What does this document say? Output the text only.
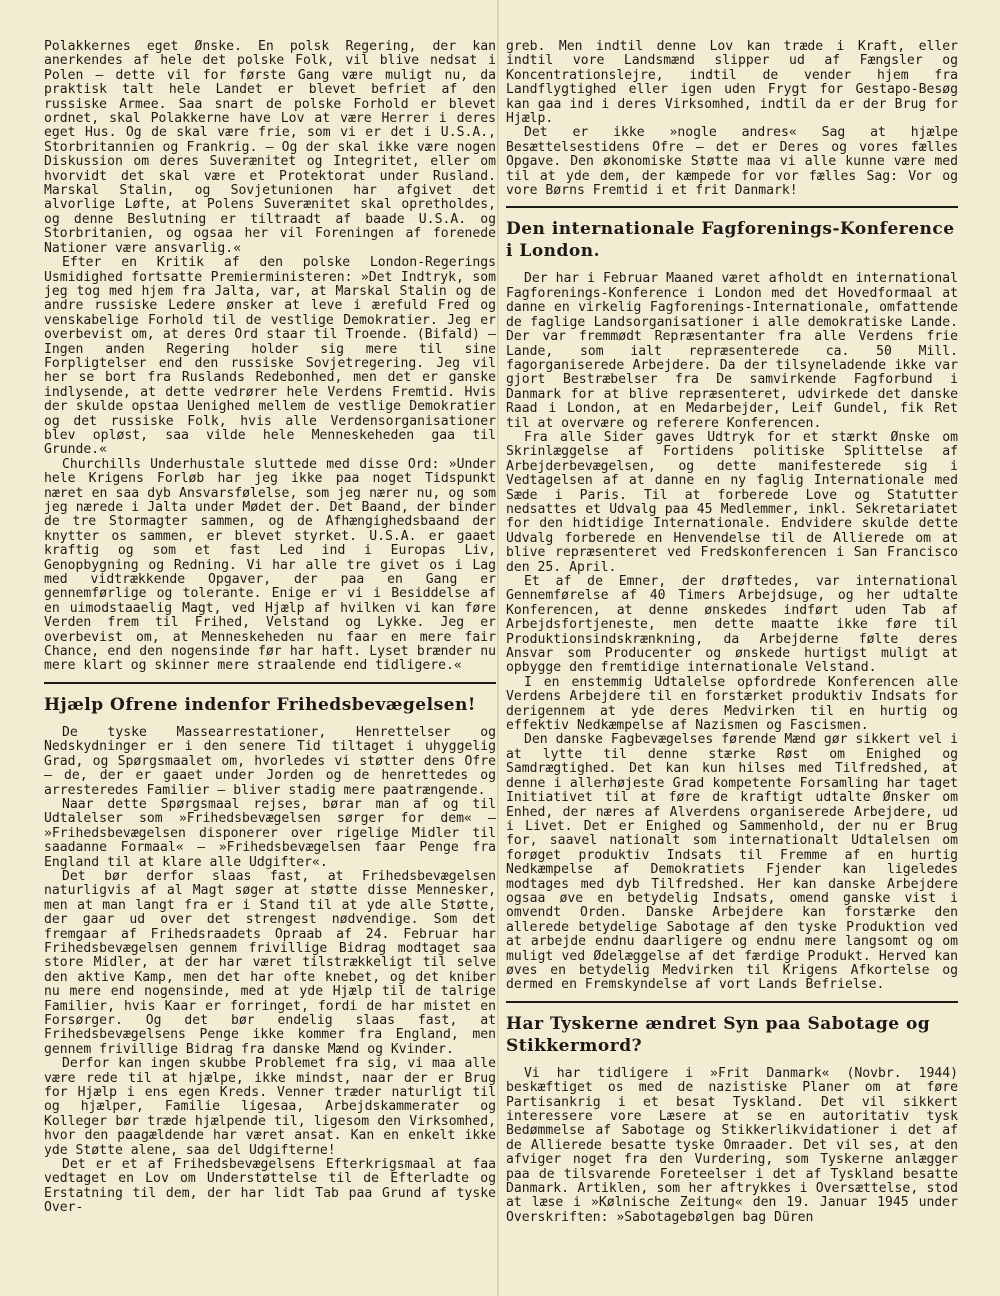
Polakkernes eget Ønske. En polsk Regering, der kan anerkendes af hele det polske Folk, vil blive nedsat i Polen — dette vil for første Gang være muligt nu, da praktisk talt hele Landet er blevet befriet af den russiske Armee. Saa snart de polske Forhold er blevet ordnet, skal Polakkerne have Lov at være Herrer i deres eget Hus. Og de skal være frie, som vi er det i U.S.A., Storbritannien og Frankrig. — Og der skal ikke være nogen Diskussion om deres Suverænitet og Integritet, eller om hvorvidt det skal være et Protektorat under Rusland. Marskal Stalin, og Sovjetunionen har afgivet det alvorlige Løfte, at Polens Suverænitet skal opretholdes, og denne Beslutning er tiltraadt af baade U.S.A. og Storbritanien, og ogsaa her vil Foreningen af forenede Nationer være ansvarlig.«

Efter en Kritik af den polske London-Regerings Usmidighed fortsatte Premierministeren: »Det Indtryk, som jeg tog med hjem fra Jalta, var, at Marskal Stalin og de andre russiske Ledere ønsker at leve i ærefuld Fred og venskabelige Forhold til de vestlige Demokratier. Jeg er overbevist om, at deres Ord staar til Troende. (Bifald) — Ingen anden Regering holder sig mere til sine Forpligtelser end den russiske Sovjetregering. Jeg vil her se bort fra Ruslands Redebonhed, men det er ganske indlysende, at dette vedrører hele Verdens Fremtid. Hvis der skulde opstaa Uenighed mellem de vestlige Demokratier og det russiske Folk, hvis alle Verdensorganisationer blev opløst, saa vilde hele Menneskeheden gaa til Grunde.«

Churchills Underhustale sluttede med disse Ord: »Under hele Krigens Forløb har jeg ikke paa noget Tidspunkt næret en saa dyb Ansvarsfølelse, som jeg nærer nu, og som jeg nærede i Jalta under Mødet der. Det Baand, der binder de tre Stormagter sammen, og de Afhængighedsbaand der knytter os sammen, er blevet styrket. U.S.A. er gaaet kraftig og som et fast Led ind i Europas Liv, Genopbygning og Redning. Vi har alle tre givet os i Lag med vidtrækkende Opgaver, der paa en Gang er gennemførlige og tolerante. Enige er vi i Besiddelse af en uimodstaaelig Magt, ved Hjælp af hvilken vi kan føre Verden frem til Frihed, Velstand og Lykke. Jeg er overbevist om, at Menneskeheden nu faar en mere fair Chance, end den nogensinde før har haft. Lyset brænder nu mere klart og skinner mere straalende end tidligere.«

Hjælp Ofrene indenfor Frihedsbevægelsen!

De tyske Massearrestationer, Henrettelser og Nedskydninger er i den senere Tid tiltaget i uhyggelig Grad, og Spørgsmaalet om, hvorledes vi støtter dens Ofre — de, der er gaaet under Jorden og de henrettedes og arresteredes Familier — bliver stadig mere paatrængende.

Naar dette Spørgsmaal rejses, børar man af og til Udtalelser som »Frihedsbevægelsen sørger for dem« — »Frihedsbevægelsen disponerer over rigelige Midler til saadanne Formaal« — »Frihedsbevægelsen faar Penge fra England til at klare alle Udgifter«.

Det bør derfor slaas fast, at Frihedsbevægelsen naturligvis af al Magt søger at støtte disse Mennesker, men at man langt fra er i Stand til at yde alle Støtte, der gaar ud over det strengest nødvendige. Som det fremgaar af Frihedsraadets Opraab af 24. Februar har Frihedsbevægelsen gennem frivillige Bidrag modtaget saa store Midler, at der har været tilstrækkeligt til selve den aktive Kamp, men det har ofte knebet, og det kniber nu mere end nogensinde, med at yde Hjælp til de talrige Familier, hvis Kaar er forringet, fordi de har mistet en Forsørger. Og det bør endelig slaas fast, at Frihedsbevægelsens Penge ikke kommer fra England, men gennem frivillige Bidrag fra danske Mænd og Kvinder.

Derfor kan ingen skubbe Problemet fra sig, vi maa alle være rede til at hjælpe, ikke mindst, naar der er Brug for Hjælp i ens egen Kreds. Venner træder naturligt til og hjælper, Familie ligesaa, Arbejdskammerater og Kolleger bør træde hjælpende til, ligesom den Virksomhed, hvor den paagældende har været ansat. Kan en enkelt ikke yde Støtte alene, saa del Udgifterne!

Det er et af Frihedsbevægelsens Efterkrigsmaal at faa vedtaget en Lov om Understøttelse til de Efterladte og Erstatning til dem, der har lidt Tab paa Grund af tyske Over-

greb. Men indtil denne Lov kan træde i Kraft, eller indtil vore Landsmænd slipper ud af Fængsler og Koncentrationslejre, indtil de vender hjem fra Landflygtighed eller igen uden Frygt for Gestapo-Besøg kan gaa ind i deres Virksomhed, indtil da er der Brug for Hjælp.

Det er ikke »nogle andres« Sag at hjælpe Besættelsestidens Ofre — det er Deres og vores fælles Opgave. Den økonomiske Støtte maa vi alle kunne være med til at yde dem, der kæmpede for vor fælles Sag: Vor og vore Børns Fremtid i et frit Danmark!

Den internationale Fagforenings-Konference i London.

Der har i Februar Maaned været afholdt en international Fagforenings-Konference i London med det Hovedformaal at danne en virkelig Fagforenings-Internationale, omfattende de faglige Landsorganisationer i alle demokratiske Lande. Der var fremmødt Repræsentanter fra alle Verdens frie Lande, som ialt repræsenterede ca. 50 Mill. fagorganiserede Arbejdere. Da der tilsyneladende ikke var gjort Bestræbelser fra De samvirkende Fagforbund i Danmark for at blive repræsenteret, udvirkede det danske Raad i London, at en Medarbejder, Leif Gundel, fik Ret til at overvære og referere Konferencen.

Fra alle Sider gaves Udtryk for et stærkt Ønske om Skrinlæggelse af Fortidens politiske Splittelse af Arbejderbevægelsen, og dette manifesterede sig i Vedtagelsen af at danne en ny faglig Internationale med Sæde i Paris. Til at forberede Love og Statutter nedsattes et Udvalg paa 45 Medlemmer, inkl. Sekretariatet for den hidtidige Internationale. Endvidere skulde dette Udvalg forberede en Henvendelse til de Allierede om at blive repræsenteret ved Fredskonferencen i San Francisco den 25. April.

Et af de Emner, der drøftedes, var international Gennemførelse af 40 Timers Arbejdsuge, og her udtalte Konferencen, at denne ønskedes indført uden Tab af Arbejdsfortjeneste, men dette maatte ikke føre til Produktionsindskrænkning, da Arbejderne følte deres Ansvar som Producenter og ønskede hurtigst muligt at opbygge den fremtidige internationale Velstand.

I en enstemmig Udtalelse opfordrede Konferencen alle Verdens Arbejdere til en forstærket produktiv Indsats for derigennem at yde deres Medvirken til en hurtig og effektiv Nedkæmpelse af Nazismen og Fascismen.

Den danske Fagbevægelses førende Mænd gør sikkert vel i at lytte til denne stærke Røst om Enighed og Samdrægtighed. Det kan kun hilses med Tilfredshed, at denne i allerhøjeste Grad kompetente Forsamling har taget Initiativet til at føre de kraftigt udtalte Ønsker om Enhed, der næres af Alverdens organiserede Arbejdere, ud i Livet. Det er Enighed og Sammenhold, der nu er Brug for, saavel nationalt som internationalt Udtalelsen om forøget produktiv Indsats til Fremme af en hurtig Nedkæmpelse af Demokratiets Fjender kan ligeledes modtages med dyb Tilfredshed. Her kan danske Arbejdere ogsaa øve en betydelig Indsats, omend ganske vist i omvendt Orden. Danske Arbejdere kan forstærke den allerede betydelige Sabotage af den tyske Produktion ved at arbejde endnu daarligere og endnu mere langsomt og om muligt ved Ødelæggelse af det færdige Produkt. Herved kan øves en betydelig Medvirken til Krigens Afkortelse og dermed en Fremskyndelse af vort Lands Befrielse.

Har Tyskerne ændret Syn paa Sabotage og Stikkermord?

Vi har tidligere i »Frit Danmark« (Novbr. 1944) beskæftiget os med de nazistiske Planer om at føre Partisankrig i et besat Tyskland. Det vil sikkert interessere vore Læsere at se en autoritativ tysk Bedømmelse af Sabotage og Stikkerlikvidationer i det af de Allierede besatte tyske Omraader. Det vil ses, at den afviger noget fra den Vurdering, som Tyskerne anlægger paa de tilsvarende Foreteelser i det af Tyskland besatte Danmark. Artiklen, som her aftrykkes i Oversættelse, stod at læse i »Kølnische Zeitung« den 19. Januar 1945 under Overskriften: »Sabotagebølgen bag Düren
